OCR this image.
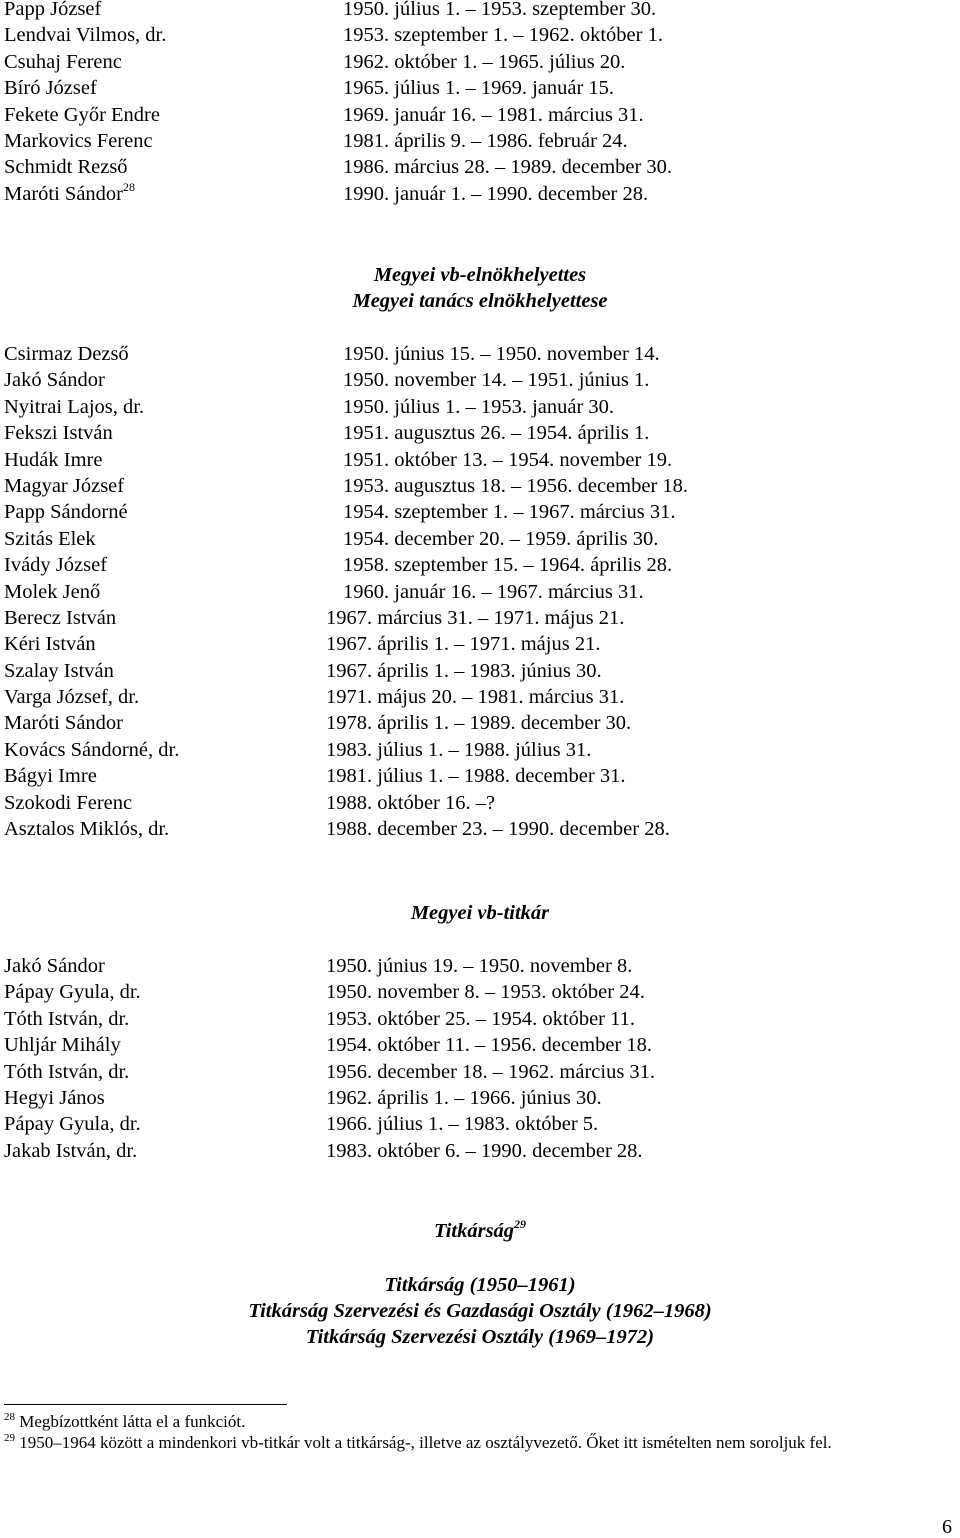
Papp József	1950. július 1. – 1953. szeptember 30.
Lendvai Vilmos, dr.	1953. szeptember 1. – 1962. október 1.
Csuhaj Ferenc	1962. október 1. – 1965. július 20.
Bíró József	1965. július 1. – 1969. január 15.
Fekete Győr Endre	1969. január 16. – 1981. március 31.
Markovics Ferenc	1981. április 9. – 1986. február 24.
Schmidt Rezső	1986. március 28. – 1989. december 30.
Maróti Sándor$^{28}$	1990. január 1. – 1990. december 28.
Megyei vb-elnökhelyettes
Megyei tanács elnökhelyettese
Csirmaz Dezső	1950. június 15. – 1950. november 14.
Jakó Sándor	1950. november 14. – 1951. június 1.
Nyitrai Lajos, dr.	1950. július 1. – 1953. január 30.
Fekszi István	1951. augusztus 26. – 1954. április 1.
Hudák Imre	1951. október 13. – 1954. november 19.
Magyar József	1953. augusztus 18. – 1956. december 18.
Papp Sándorné	1954. szeptember 1. – 1967. március 31.
Szitás Elek	1954. december 20. – 1959. április 30.
Ivády József	1958. szeptember 15. – 1964. április 28.
Molek Jenő	1960. január 16. – 1967. március 31.
Berecz István	1967. március 31. – 1971. május 21.
Kéri István	1967. április 1. – 1971. május 21.
Szalay István	1967. április 1. – 1983. június 30.
Varga József, dr.	1971. május 20. – 1981. március 31.
Maróti Sándor	1978. április 1. – 1989. december 30.
Kovács Sándorné, dr.	1983. július 1. – 1988. július 31.
Bágyi Imre	1981. július 1. – 1988. december 31.
Szokodi Ferenc	1988. október 16. –?
Asztalos Miklós, dr.	1988. december 23. – 1990. december 28.
Megyei vb-titkár
Jakó Sándor	1950. június 19. – 1950. november 8.
Pápay Gyula, dr.	1950. november 8. – 1953. október 24.
Tóth István, dr.	1953. október 25. – 1954. október 11.
Uhljár Mihály	1954. október 11. – 1956. december 18.
Tóth István, dr.	1956. december 18. – 1962. március 31.
Hegyi János	1962. április 1. – 1966. június 30.
Pápay Gyula, dr.	1966. július 1. – 1983. október 5.
Jakab István, dr.	1983. október 6. – 1990. december 28.
Titkárság$^{29}$
Titkárság (1950–1961)
Titkárság Szervezési és Gazdasági Osztály (1962–1968)
Titkárság Szervezési Osztály (1969–1972)
$^{28}$ Megbízottként látta el a funkciót.
$^{29}$ 1950–1964 között a mindenkori vb-titkár volt a titkárság-, illetve az osztályvezető. Őket itt ismételten nem soroljuk fel.
6
